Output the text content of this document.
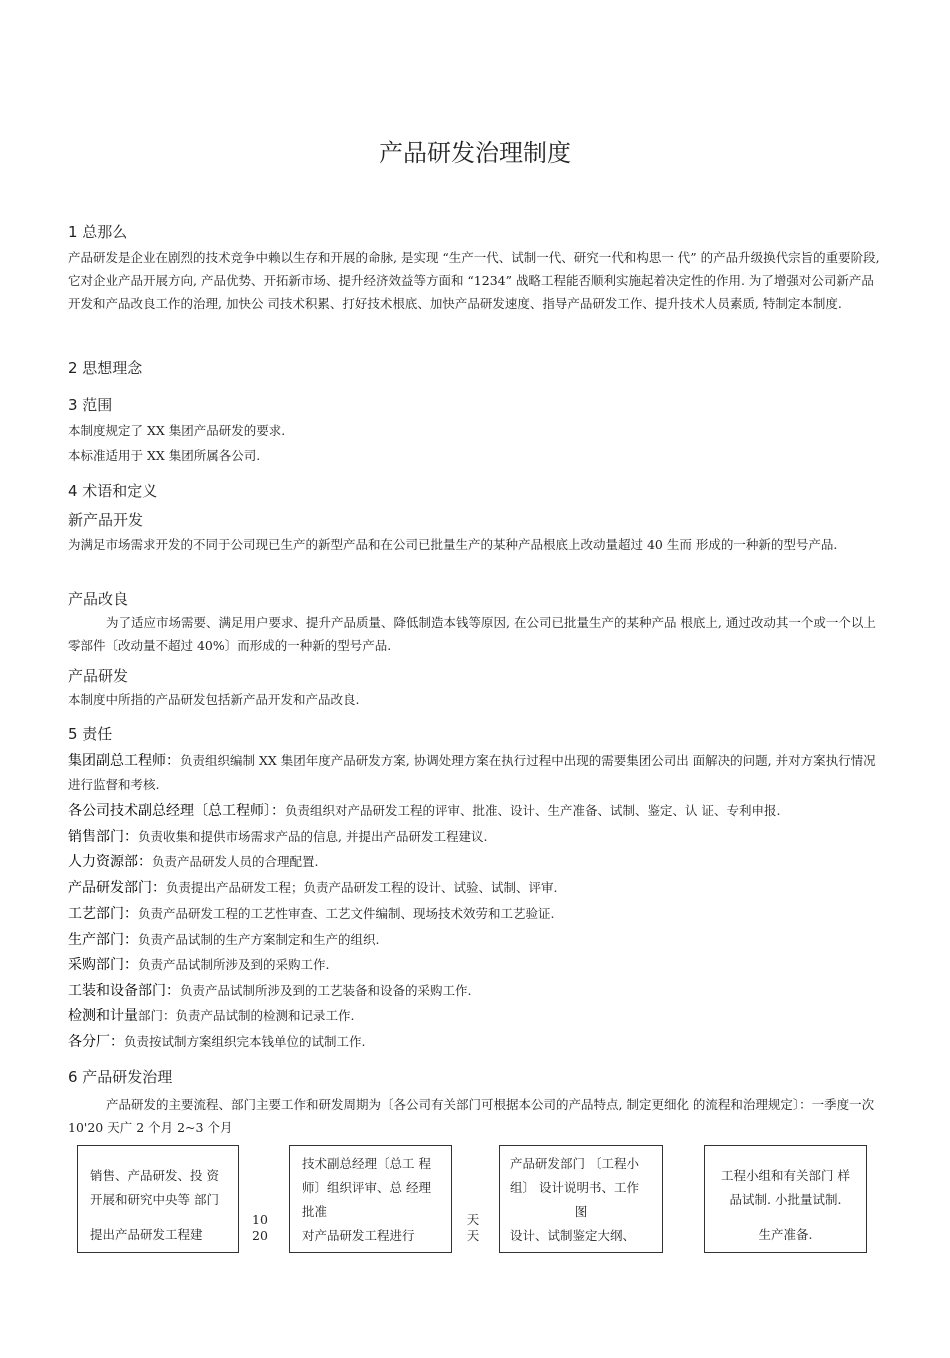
产品研发治理制度
1 总那么

产品研发是企业在剧烈的技术竞争中赖以生存和开展的命脉, 是实现 “生产一代、试制一代、研究一代和构思一 代” 的产品升级换代宗旨的重要阶段, 它对企业产品开展方向, 产品优势、开拓新市场、提升经济效益等方面和 “1234” 战略工程能否顺利实施起着决定性的作用. 为了增强对公司新产品开发和产品改良工作的治理, 加快公 司技术积累、打好技术根底、加快产品研发速度、指导产品研发工作、提升技术人员素质, 特制定本制度.

2 思想理念
3 范围

本制度规定了 XX 集团产品研发的要求.

本标准适用于 XX 集团所属各公司.

4 术语和定义
新产品开发

为满足市场需求开发的不同于公司现已生产的新型产品和在公司已批量生产的某种产品根底上改动量超过 40 生而 形成的一种新的型号产品.

产品改良

为了适应市场需要、满足用户要求、提升产品质量、降低制造本钱等原因, 在公司已批量生产的某种产品 根底上, 通过改动其一个或一个以上零部件〔改动量不超过 40%〕而形成的一种新的型号产品.

产品研发

本制度中所指的产品研发包括新产品开发和产品改良.

5 责任

集团副总工程师：负责组织编制 XX 集团年度产品研发方案, 协调处理方案在执行过程中出现的需要集团公司出 面解决的问题, 并对方案执行情况进行监督和考核.

各公司技术副总经理〔总工程师〕：负责组织对产品研发工程的评审、批准、设计、生产准备、试制、鉴定、认 证、专利申报.

销售部门：负责收集和提供市场需求产品的信息, 并提出产品研发工程建议.

人力资源部：负责产品研发人员的合理配置.

产品研发部门：负责提出产品研发工程；负责产品研发工程的设计、试验、试制、评审.

工艺部门：负责产品研发工程的工艺性审查、工艺文件编制、现场技术效劳和工艺验证.

生产部门：负责产品试制的生产方案制定和生产的组织.

采购部门：负责产品试制所涉及到的采购工作.

工装和设备部门：负责产品试制所涉及到的工艺装备和设备的采购工作.

检测和计量部门：负责产品试制的检测和记录工作.

各分厂：负责按试制方案组织完本钱单位的试制工作.

6 产品研发治理

产品研发的主要流程、部门主要工作和研发周期为〔各公司有关部门可根据本公司的产品特点, 制定更细化 的流程和治理规定〕：一季度一次 10'20 天广 2 个月 2~3 个月

销售、产品研发、投 资
开展和研究中央等 部门
提出产品研发工程建
10
20
技术副总经理〔总工 程
师〕组织评审、总 经理
批准
对产品研发工程进行
天
天
产品研发部门 〔工程小
组〕 设计说明书、工作
图
设计、试制鉴定大纲、
工程小组和有关部门 样
品试制. 小批量试制.
生产准备.
